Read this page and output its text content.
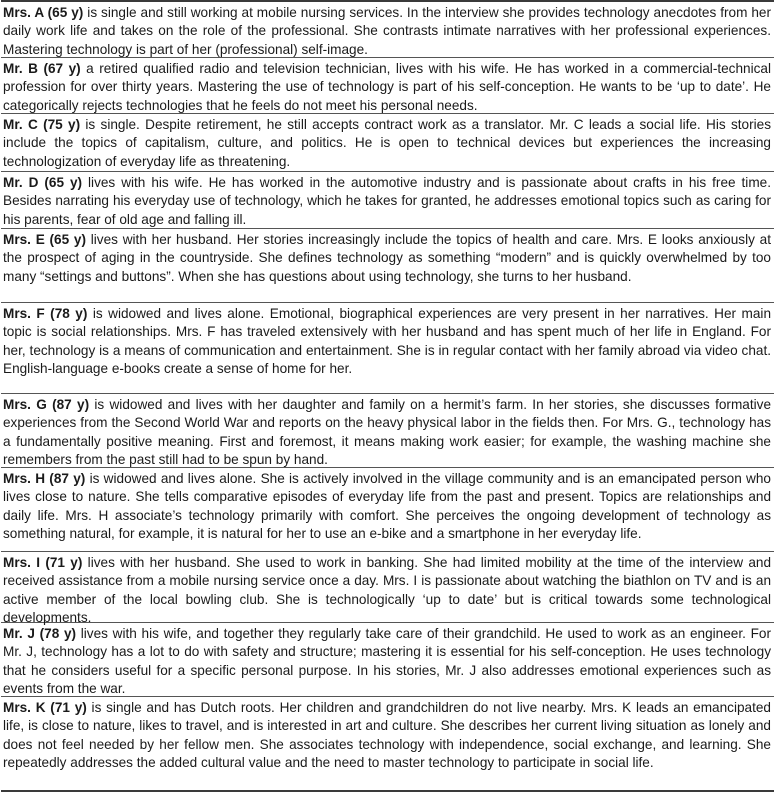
Mrs. A (65 y) is single and still working at mobile nursing services. In the interview she provides technology anecdotes from her daily work life and takes on the role of the professional. She contrasts intimate narratives with her professional experiences. Mastering technology is part of her (professional) self-image.
Mr. B (67 y) a retired qualified radio and television technician, lives with his wife. He has worked in a commercial-technical profession for over thirty years. Mastering the use of technology is part of his self-conception. He wants to be ‘up to date’. He categorically rejects technologies that he feels do not meet his personal needs.
Mr. C (75 y) is single. Despite retirement, he still accepts contract work as a translator. Mr. C leads a social life. His stories include the topics of capitalism, culture, and politics. He is open to technical devices but experiences the increasing technologization of everyday life as threatening.
Mr. D (65 y) lives with his wife. He has worked in the automotive industry and is passionate about crafts in his free time. Besides narrating his everyday use of technology, which he takes for granted, he addresses emotional topics such as caring for his parents, fear of old age and falling ill.
Mrs. E (65 y) lives with her husband. Her stories increasingly include the topics of health and care. Mrs. E looks anxiously at the prospect of aging in the countryside. She defines technology as something “modern” and is quickly overwhelmed by too many “settings and buttons”. When she has questions about using technology, she turns to her husband.
Mrs. F (78 y) is widowed and lives alone. Emotional, biographical experiences are very present in her narratives. Her main topic is social relationships. Mrs. F has traveled extensively with her husband and has spent much of her life in England. For her, technology is a means of communication and entertainment. She is in regular contact with her family abroad via video chat. English-language e-books create a sense of home for her.
Mrs. G (87 y) is widowed and lives with her daughter and family on a hermit’s farm. In her stories, she discusses formative experiences from the Second World War and reports on the heavy physical labor in the fields then. For Mrs. G., technology has a fundamentally positive meaning. First and foremost, it means making work easier; for example, the washing machine she remembers from the past still had to be spun by hand.
Mrs. H (87 y) is widowed and lives alone. She is actively involved in the village community and is an emancipated person who lives close to nature. She tells comparative episodes of everyday life from the past and present. Topics are relationships and daily life. Mrs. H associate’s technology primarily with comfort. She perceives the ongoing development of technology as something natural, for example, it is natural for her to use an e-bike and a smartphone in her everyday life.
Mrs. I (71 y) lives with her husband. She used to work in banking. She had limited mobility at the time of the interview and received assistance from a mobile nursing service once a day. Mrs. I is passionate about watching the biathlon on TV and is an active member of the local bowling club. She is technologically ‘up to date’ but is critical towards some technological developments.
Mr. J (78 y) lives with his wife, and together they regularly take care of their grandchild. He used to work as an engineer. For Mr. J, technology has a lot to do with safety and structure; mastering it is essential for his self-conception. He uses technology that he considers useful for a specific personal purpose. In his stories, Mr. J also addresses emotional experiences such as events from the war.
Mrs. K (71 y) is single and has Dutch roots. Her children and grandchildren do not live nearby. Mrs. K leads an emancipated life, is close to nature, likes to travel, and is interested in art and culture. She describes her current living situation as lonely and does not feel needed by her fellow men. She associates technology with independence, social exchange, and learning. She repeatedly addresses the added cultural value and the need to master technology to participate in social life.
